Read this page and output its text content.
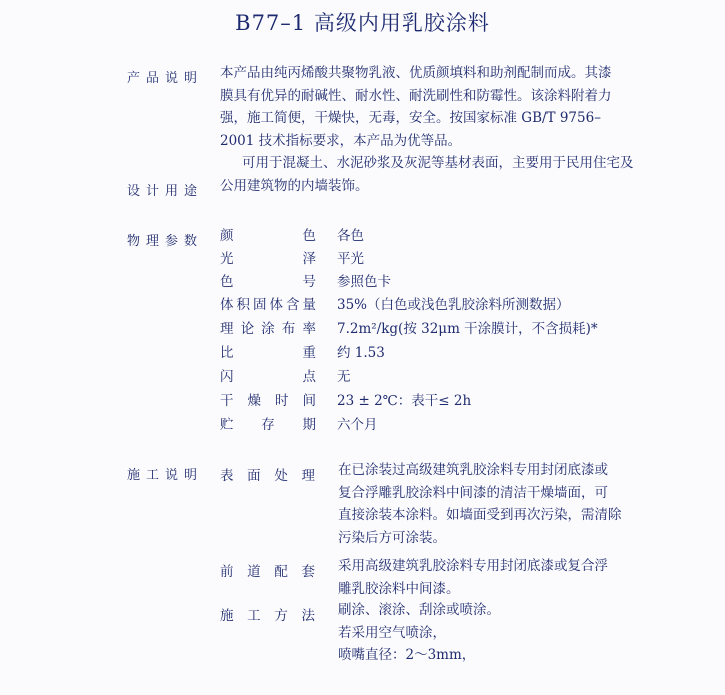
B77–1 高级内用乳胶涂料
产品说明 本产品由纯丙烯酸共聚物乳液、优质颜填料和助剂配制而成。其漆
膜具有优异的耐碱性、耐水性、耐洗刷性和防霉性。该涂料附着力
强，施工简便，干燥快，无毒，安全。按国家标准 GB/T 9756–
2001 技术指标要求，本产品为优等品。
设计用途
可用于混凝土、水泥砂浆及灰泥等基材表面，主要用于民用住宅及
公用建筑物的内墙装饰。
物理参数 颜	色 各色
光	泽 平光
色	号 参照色卡
体 积 固 体 含 量 35%（白色或浅色乳胶涂料所测数据）
理 论 涂 布 率 7.2m²/kg(按 32μm 干涂膜计，不含损耗)*
比	重 约 1.53
闪	点 无
干 燥 时 间 23 ± 2℃：表干≤ 2h
贮 存 期 六个月
施工说明 表 面 处 理 在已涂装过高级建筑乳胶涂料专用封闭底漆或
复合浮雕乳胶涂料中间漆的清洁干燥墙面，可
直接涂装本涂料。如墙面受到再次污染，需清除
污染后方可涂装。
前 道 配 套 采用高级建筑乳胶涂料专用封闭底漆或复合浮
雕乳胶涂料中间漆。
施 工 方 法 刷涂、滚涂、刮涂或喷涂。
若采用空气喷涂，
喷嘴直径：2～3mm，
